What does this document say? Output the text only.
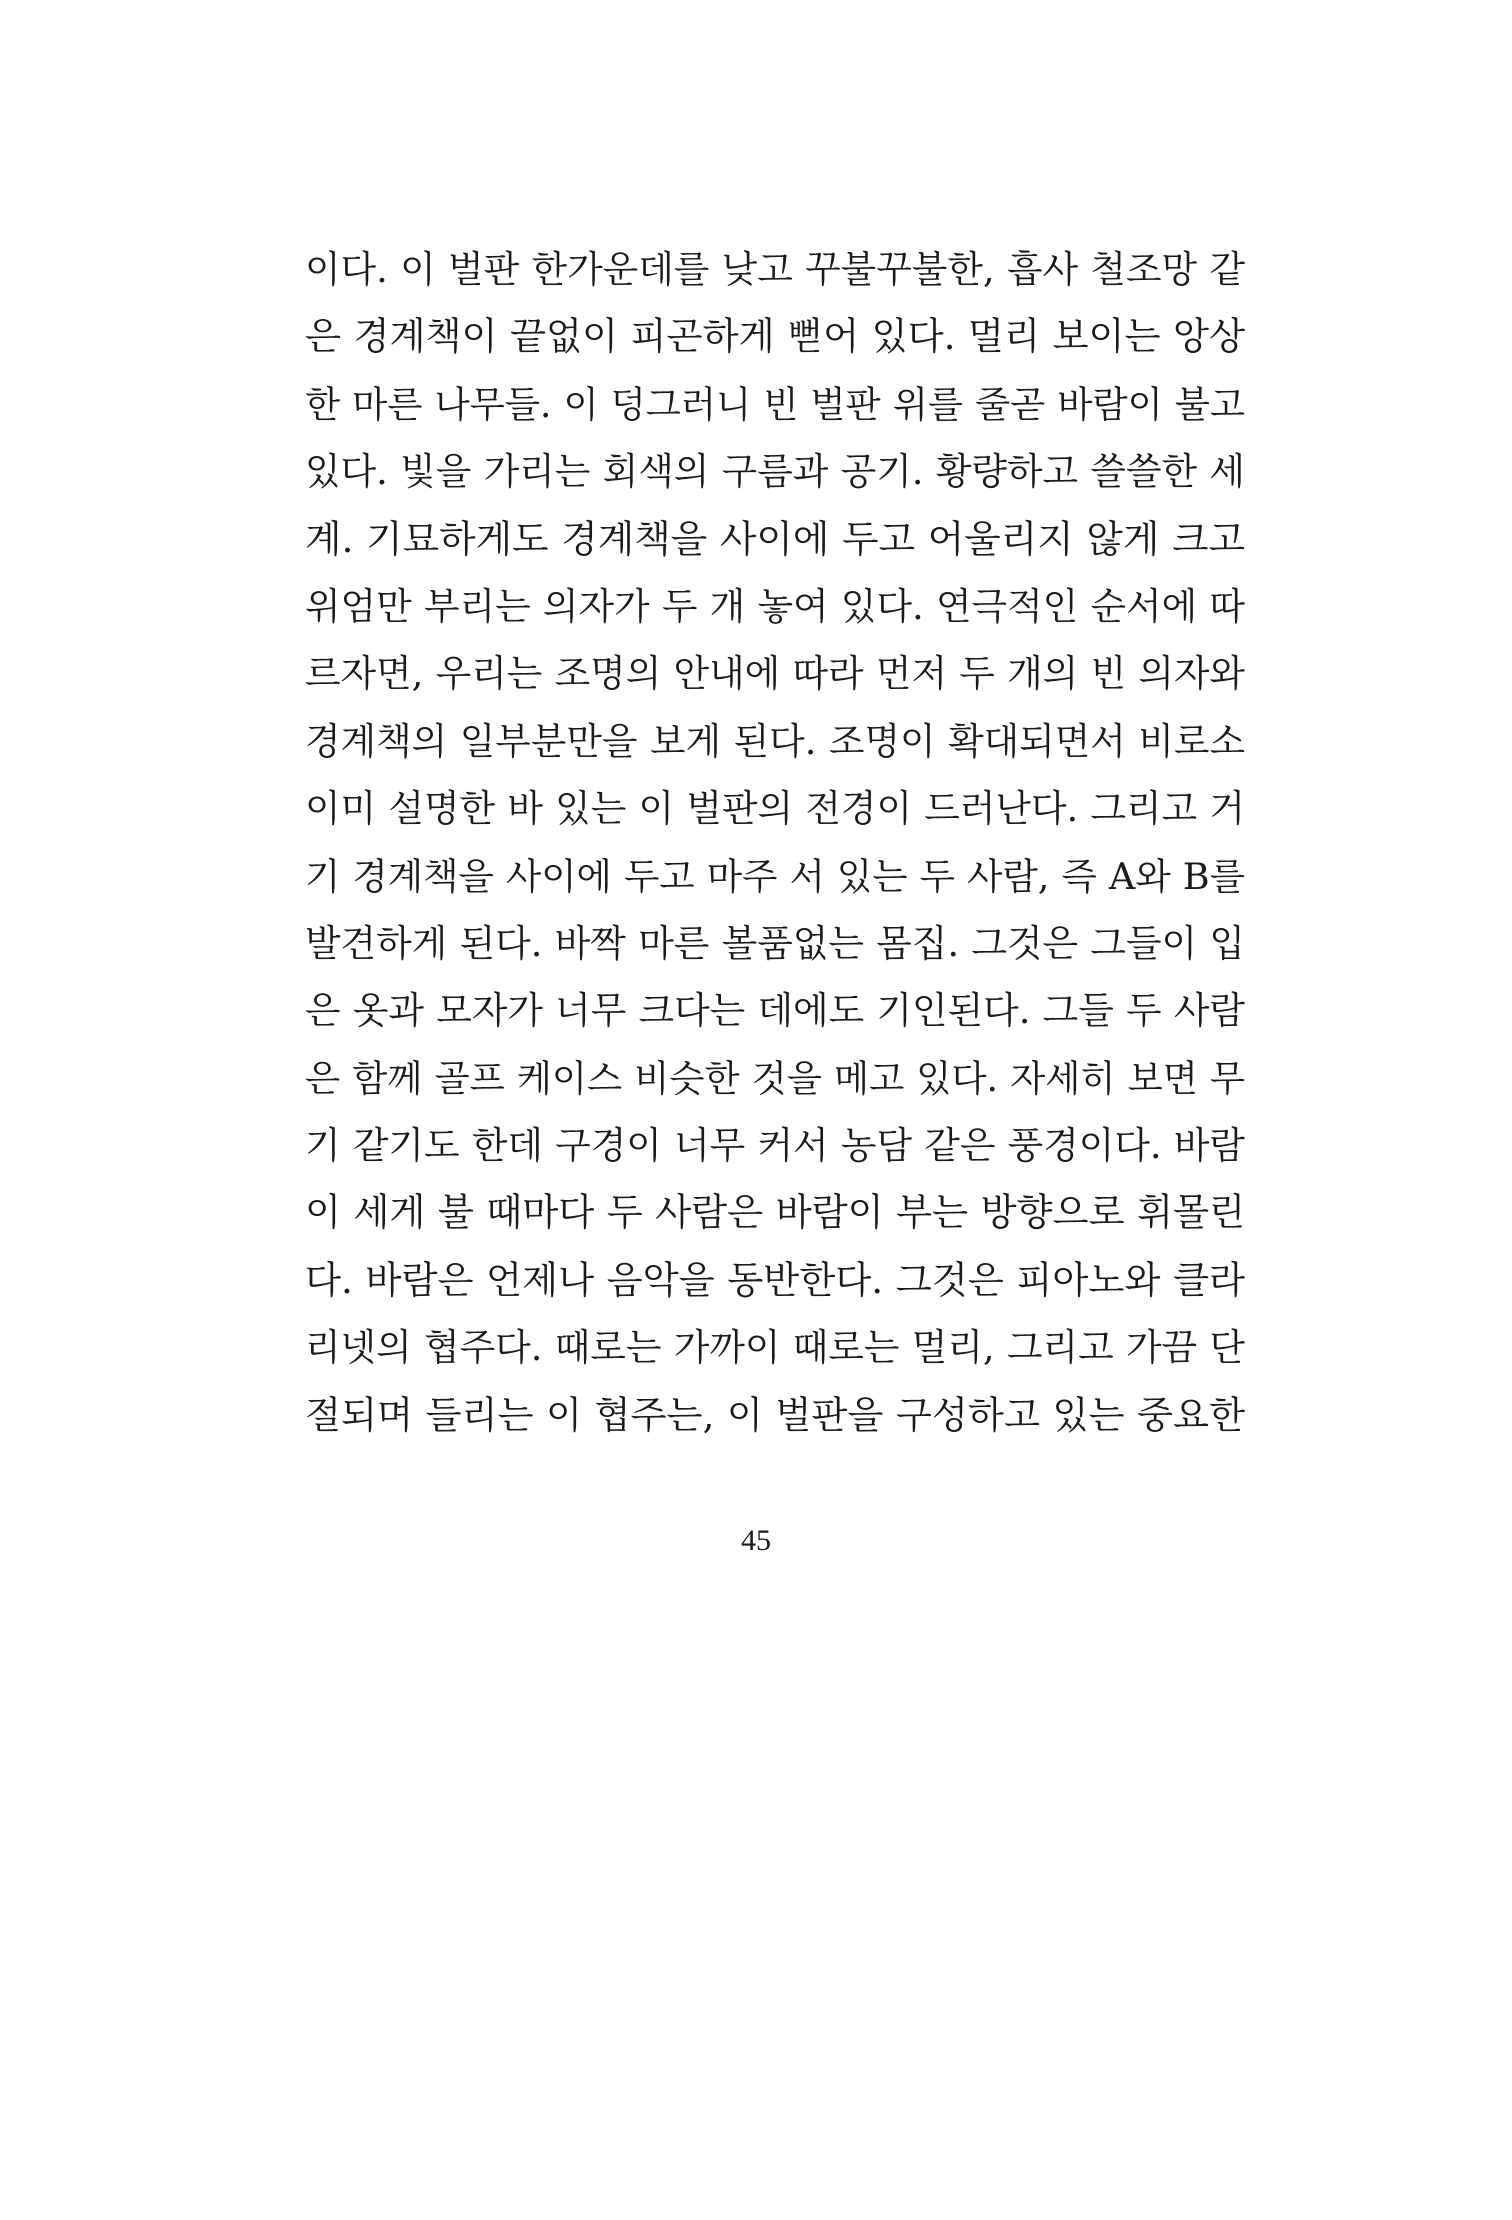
이다. 이 벌판 한가운데를 낮고 꾸불꾸불한, 흡사 철조망 같
은 경계책이 끝없이 피곤하게 뻗어 있다. 멀리 보이는 앙상
한 마른 나무들. 이 덩그러니 빈 벌판 위를 줄곧 바람이 불고
있다. 빛을 가리는 회색의 구름과 공기. 황량하고 쓸쓸한 세
계. 기묘하게도 경계책을 사이에 두고 어울리지 않게 크고
위엄만 부리는 의자가 두 개 놓여 있다. 연극적인 순서에 따
르자면, 우리는 조명의 안내에 따라 먼저 두 개의 빈 의자와
경계책의 일부분만을 보게 된다. 조명이 확대되면서 비로소
이미 설명한 바 있는 이 벌판의 전경이 드러난다. 그리고 거
기 경계책을 사이에 두고 마주 서 있는 두 사람, 즉 A와 B를
발견하게 된다. 바짝 마른 볼품없는 몸집. 그것은 그들이 입
은 옷과 모자가 너무 크다는 데에도 기인된다. 그들 두 사람
은 함께 골프 케이스 비슷한 것을 메고 있다. 자세히 보면 무
기 같기도 한데 구경이 너무 커서 농담 같은 풍경이다. 바람
이 세게 불 때마다 두 사람은 바람이 부는 방향으로 휘몰린
다. 바람은 언제나 음악을 동반한다. 그것은 피아노와 클라
리넷의 협주다. 때로는 가까이 때로는 멀리, 그리고 가끔 단
절되며 들리는 이 협주는, 이 벌판을 구성하고 있는 중요한
45
